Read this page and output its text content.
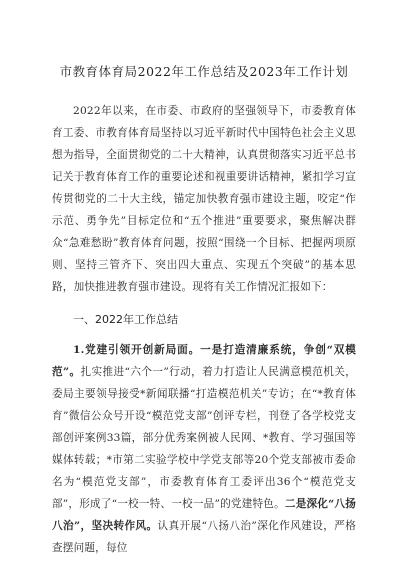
市教育体育局2022年工作总结及2023年工作计划

2022年以来，在市委、市政府的坚强领导下，市委教育体育工委、市教育体育局坚持以习近平新时代中国特色社会主义思想为指导，全面贯彻党的二十大精神，认真贯彻落实习近平总书记关于教育体育工作的重要论述和视重要讲话精神，紧扣学习宣传贯彻党的二十大主线，锚定加快教育强市建设主题，咬定“作示范、勇争先”目标定位和“五个推进”重要要求，聚焦解决群众“急难愁盼”教育体育问题，按照“围绕一个目标、把握两项原则、坚持三管齐下、突出四大重点、实现五个突破”的基本思路，加快推进教育强市建设。现将有关工作情况汇报如下：

一、2022年工作总结

1.党建引领开创新局面。一是打造清廉系统，争创“双模范”。扎实推进“六个一”行动，着力打造让人民满意模范机关，委局主要领导接受*新闻联播“打造模范机关”专访；在“*教育体育”微信公众号开设“模范党支部”创评专栏，刊登了各学校党支部创评案例33篇，部分优秀案例被人民网、*教育、学习强国等媒体转载；*市第二实验学校中学党支部等20个党支部被市委命名为“模范党支部”，市委教育体育工委评出36个“模范党支部”，形成了“一校一特、一校一品”的党建特色。二是深化“八扬八治”，坚决转作风。认真开展“八扬八治”深化作风建设，严格查摆问题，每位
